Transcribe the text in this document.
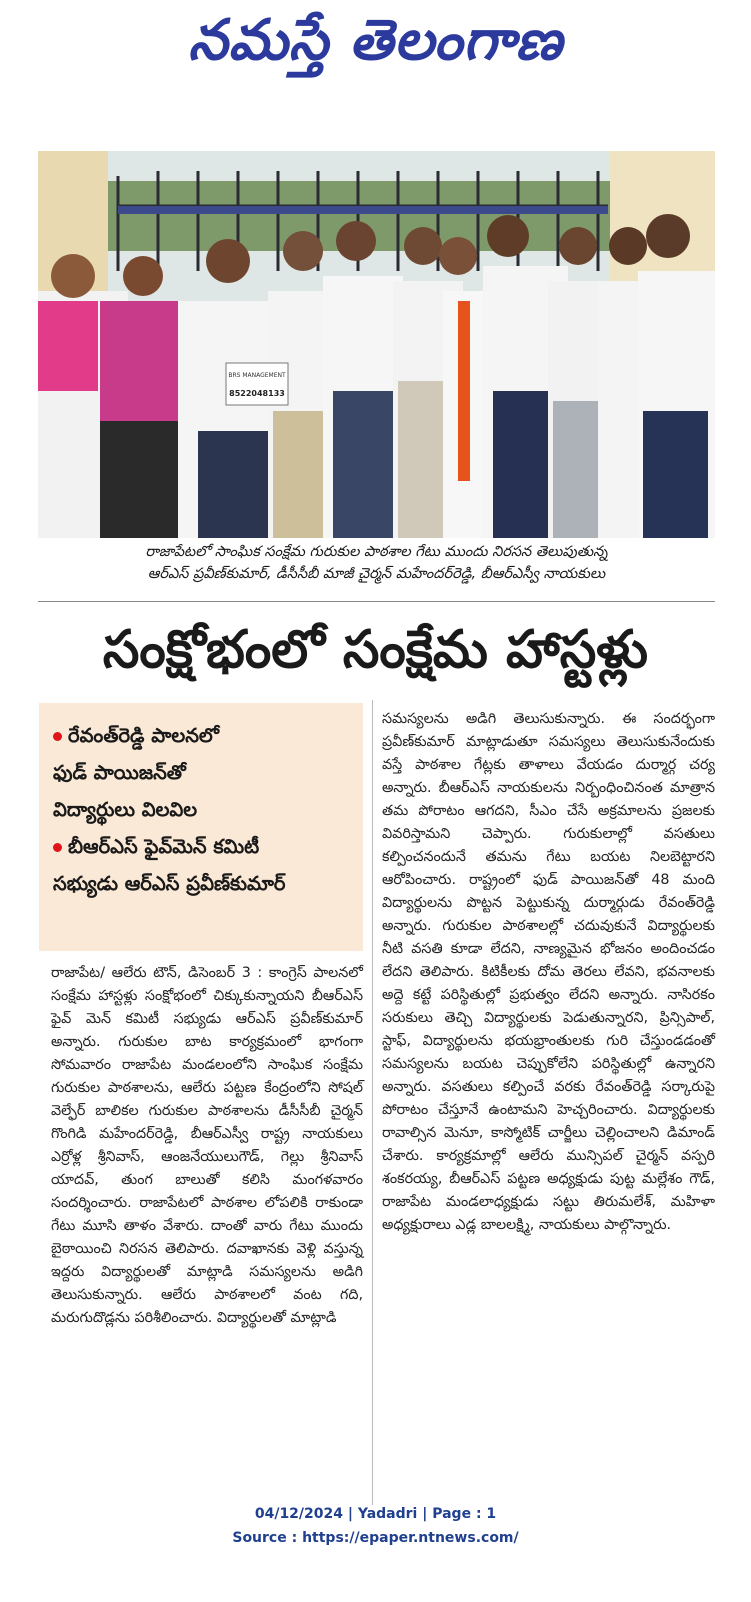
నమస్తే తెలంగాణ
BRS MANAGEMENT
8522048133
రాజాపేటలో సాంఘిక సంక్షేమ గురుకుల పాఠశాల గేటు ముందు నిరసన తెలుపుతున్న
ఆర్ఎస్ ప్రవీణ్‌కుమార్, డీసీసీబీ మాజీ చైర్మన్ మహేందర్‌రెడ్డి, బీఆర్ఎస్వీ నాయకులు
సంక్షోభంలో సంక్షేమ హాస్టళ్లు
రేవంత్‌రెడ్డి పాలనలో
ఫుడ్ పాయిజన్‌తో
విద్యార్థులు విలవిల
బీఆర్ఎస్ ఫైవ్‌మెన్ కమిటీ
సభ్యుడు ఆర్ఎస్ ప్రవీణ్‌కుమార్

రాజాపేట/ ఆలేరు టౌన్, డిసెంబర్ 3 : కాంగ్రెస్ పాలనలో సంక్షేమ హాస్టళ్లు సంక్షోభంలో చిక్కుకున్నాయని బీఆర్ఎస్ ఫైవ్ మెన్ కమిటీ సభ్యుడు ఆర్ఎస్ ప్రవీణ్‌కుమార్ అన్నారు. గురుకుల బాట కార్యక్రమంలో భాగంగా సోమవారం రాజాపేట మండలంలోని సాంఘిక సంక్షేమ గురుకుల పాఠశాలను, ఆలేరు పట్టణ కేంద్రంలోని సోషల్ వెల్ఫేర్ బాలికల గురుకుల పాఠశాలను డీసీసీబీ చైర్మన్ గొంగిడి మహేందర్‌రెడ్డి, బీఆర్ఎస్వీ రాష్ట్ర నాయకులు ఎర్రోళ్ల శ్రీనివాస్, ఆంజనేయులుగౌడ్, గెల్లు శ్రీనివాస్ యాదవ్, తుంగ బాలుతో కలిసి మంగళవారం సందర్శించారు. రాజాపేటలో పాఠశాల లోపలికి రాకుండా గేటు మూసి తాళం వేశారు. దాంతో వారు గేటు ముందు బైఠాయించి నిరసన తెలిపారు. దవాఖానకు వెళ్లి వస్తున్న ఇద్దరు విద్యార్థులతో మాట్లాడి సమస్యలను అడిగి తెలుసుకున్నారు. ఆలేరు పాఠశాలలో వంట గది, మరుగుదొడ్లను పరిశీలించారు. విద్యార్థులతో మాట్లాడి

సమస్యలను అడిగి తెలుసుకున్నారు. ఈ సందర్భంగా ప్రవీణ్‌కుమార్ మాట్లాడుతూ సమస్యలు తెలుసుకునేందుకు వస్తే పాఠశాల గేట్లకు తాళాలు వేయడం దుర్మార్గ చర్య అన్నారు. బీఆర్ఎస్ నాయకులను నిర్బంధించినంత మాత్రాన తమ పోరాటం ఆగదని, సీఎం చేసే అక్రమాలను ప్రజలకు వివరిస్తామని చెప్పారు. గురుకులాల్లో వసతులు కల్పించనందునే తమను గేటు బయట నిలబెట్టారని ఆరోపించారు. రాష్ట్రంలో ఫుడ్ పాయిజన్‌తో 48 మంది విద్యార్థులను పొట్టన పెట్టుకున్న దుర్మార్గుడు రేవంత్‌రెడ్డి అన్నారు. గురుకుల పాఠశాలల్లో చదువుకునే విద్యార్థులకు నీటి వసతి కూడా లేదని, నాణ్యమైన భోజనం అందించడం లేదని తెలిపారు. కిటికీలకు దోమ తెరలు లేవని, భవనాలకు అద్దె కట్టే పరిస్థితుల్లో ప్రభుత్వం లేదని అన్నారు. నాసిరకం సరుకులు తెచ్చి విద్యార్థులకు పెడుతున్నారని, ప్రిన్సిపాల్, స్టాఫ్, విద్యార్థులను భయభ్రాంతులకు గురి చేస్తుండడంతో సమస్యలను బయట చెప్పుకోలేని పరిస్థితుల్లో ఉన్నారని అన్నారు. వసతులు కల్పించే వరకు రేవంత్‌రెడ్డి సర్కారుపై పోరాటం చేస్తూనే ఉంటామని హెచ్చరించారు. విద్యార్థులకు రావాల్సిన మెనూ, కాస్మోటిక్ చార్జీలు చెల్లించాలని డిమాండ్ చేశారు. కార్యక్రమాల్లో ఆలేరు మున్సిపల్ చైర్మన్ వస్పరి శంకరయ్య, బీఆర్ఎస్ పట్టణ అధ్యక్షుడు పుట్ట మల్లేశం గౌడ్, రాజాపేట మండలాధ్యక్షుడు సట్టు తిరుమలేశ్, మహిళా అధ్యక్షురాలు ఎడ్ల బాలలక్ష్మి, నాయకులు పాల్గొన్నారు.

04/12/2024 | Yadadri | Page : 1
Source : https://epaper.ntnews.com/
